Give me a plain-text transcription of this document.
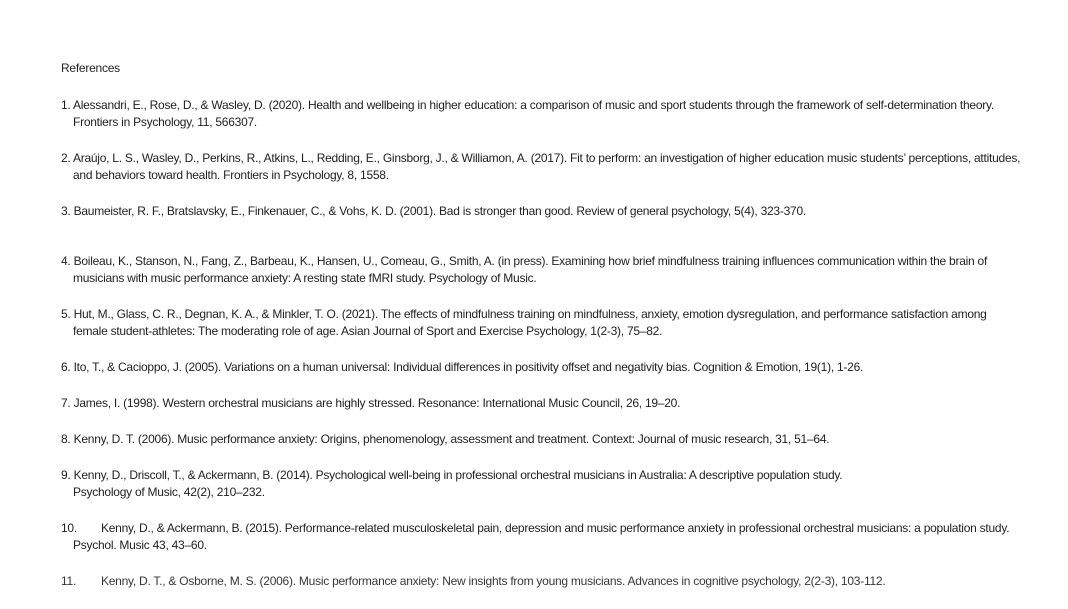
References
1. Alessandri, E., Rose, D., & Wasley, D. (2020). Health and wellbeing in higher education: a comparison of music and sport students through the framework of self-determination theory. Frontiers in Psychology, 11, 566307.
2. Araújo, L. S., Wasley, D., Perkins, R., Atkins, L., Redding, E., Ginsborg, J., & Williamon, A. (2017). Fit to perform: an investigation of higher education music students’ perceptions, attitudes, and behaviors toward health. Frontiers in Psychology, 8, 1558.
3. Baumeister, R. F., Bratslavsky, E., Finkenauer, C., & Vohs, K. D. (2001). Bad is stronger than good. Review of general psychology, 5(4), 323-370.
4. Boileau, K., Stanson, N., Fang, Z., Barbeau, K., Hansen, U., Comeau, G., Smith, A. (in press). Examining how brief mindfulness training influences communication within the brain of musicians with music performance anxiety: A resting state fMRI study. Psychology of Music.
5. Hut, M., Glass, C. R., Degnan, K. A., & Minkler, T. O. (2021). The effects of mindfulness training on mindfulness, anxiety, emotion dysregulation, and performance satisfaction among female student-athletes: The moderating role of age. Asian Journal of Sport and Exercise Psychology, 1(2-3), 75–82.
6. Ito, T., & Cacioppo, J. (2005). Variations on a human universal: Individual differences in positivity offset and negativity bias. Cognition & Emotion, 19(1), 1-26.
7. James, I. (1998). Western orchestral musicians are highly stressed. Resonance: International Music Council, 26, 19–20.
8. Kenny, D. T. (2006). Music performance anxiety: Origins, phenomenology, assessment and treatment. Context: Journal of music research, 31, 51–64.
9. Kenny, D., Driscoll, T., & Ackermann, B. (2014). Psychological well-being in professional orchestral musicians in Australia: A descriptive population study.                                                 Psychology of Music, 42(2), 210–232.
10. Kenny, D., & Ackermann, B. (2015). Performance-related musculoskeletal pain, depression and music performance anxiety in professional orchestral musicians: a population study. Psychol. Music 43, 43–60.
11. Kenny, D. T., & Osborne, M. S. (2006). Music performance anxiety: New insights from young musicians. Advances in cognitive psychology, 2(2-3), 103-112.
